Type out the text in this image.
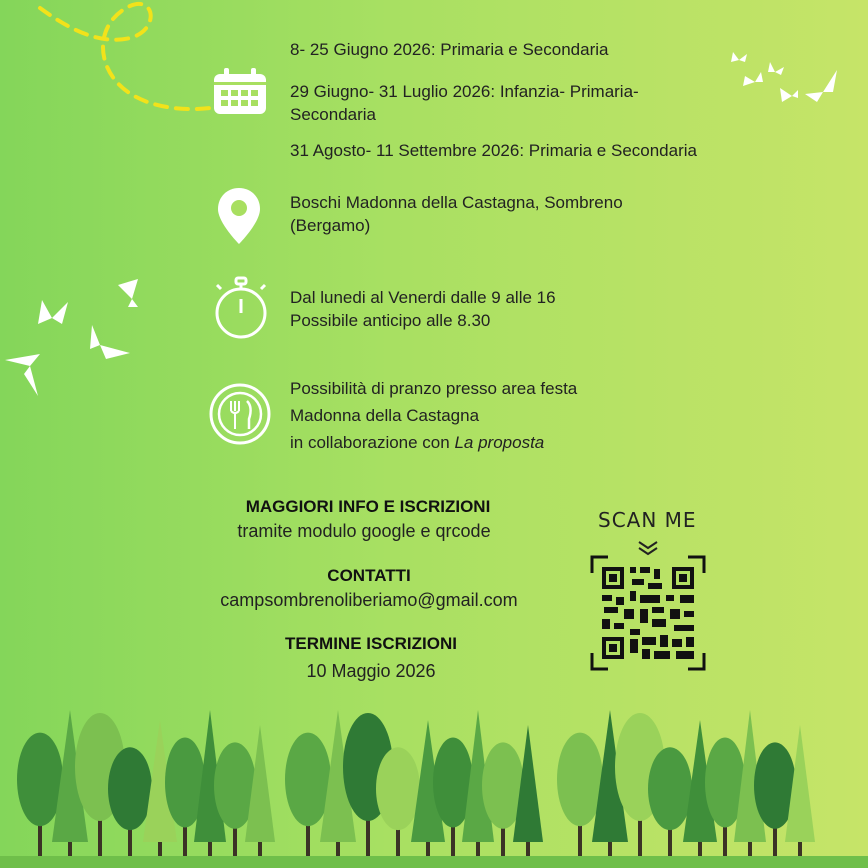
8- 25 Giugno 2026: Primaria e Secondaria
29 Giugno- 31 Luglio 2026: Infanzia- Primaria-
Secondaria
31 Agosto- 11 Settembre 2026: Primaria e Secondaria
Boschi Madonna della Castagna, Sombreno
(Bergamo)
Dal lunedi al Venerdi dalle 9 alle 16
Possibile anticipo alle 8.30
Possibilità di pranzo presso area festa
Madonna della Castagna
in collaborazione con La proposta
MAGGIORI INFO E ISCRIZIONI
tramite modulo google e qrcode
CONTATTI
campsombrenoliberiamo@gmail.com
TERMINE ISCRIZIONI
10 Maggio 2026
SCAN ME
